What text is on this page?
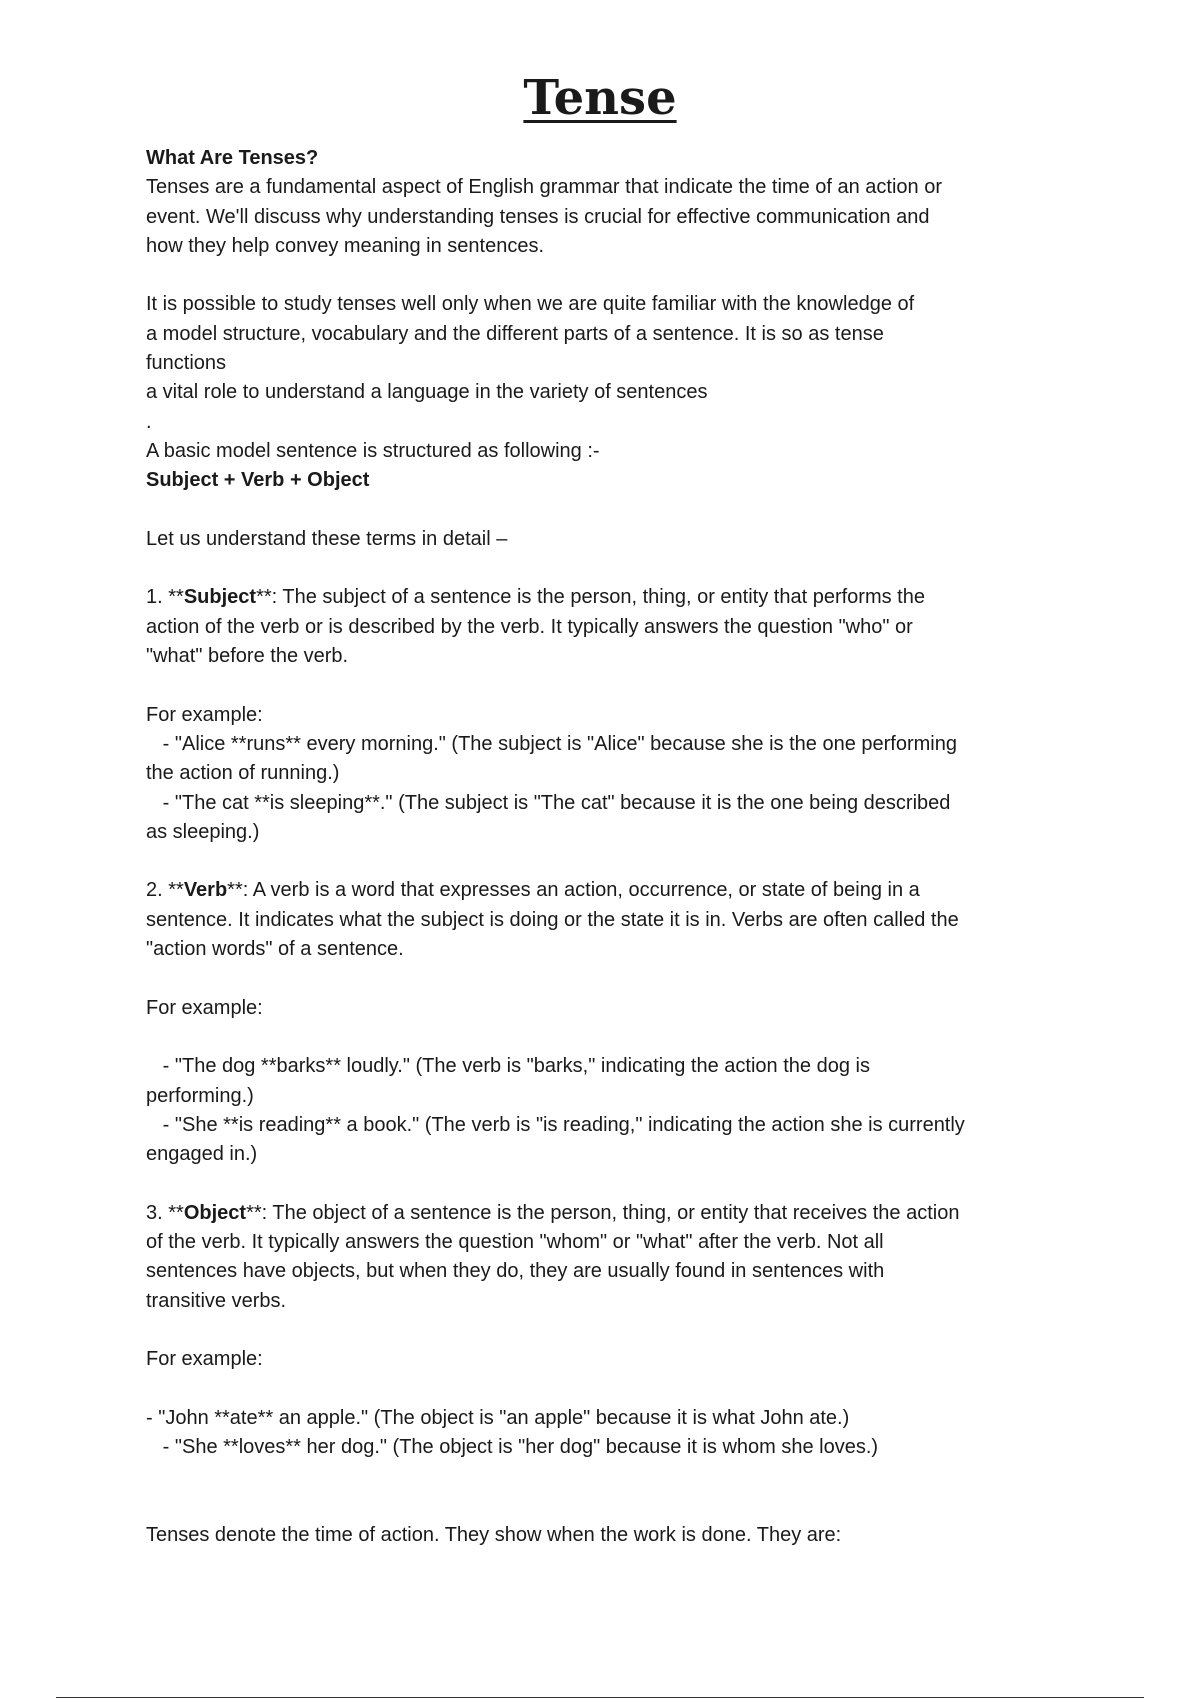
Tense

What Are Tenses?

Tenses are a fundamental aspect of English grammar that indicate the time of an action or

event. We'll discuss why understanding tenses is crucial for effective communication and

how they help convey meaning in sentences.

It is possible to study tenses well only when we are quite familiar with the knowledge of

a model structure, vocabulary and the different parts of a sentence. It is so as tense

functions

a vital role to understand a language in the variety of sentences

.

A basic model sentence is structured as following :-

Subject + Verb + Object

Let us understand these terms in detail –

1. **Subject**: The subject of a sentence is the person, thing, or entity that performs the

action of the verb or is described by the verb. It typically answers the question "who" or

"what" before the verb.

For example:

- "Alice **runs** every morning." (The subject is "Alice" because she is the one performing

the action of running.)

- "The cat **is sleeping**." (The subject is "The cat" because it is the one being described

as sleeping.)

2. **Verb**: A verb is a word that expresses an action, occurrence, or state of being in a

sentence. It indicates what the subject is doing or the state it is in. Verbs are often called the

"action words" of a sentence.

For example:

- "The dog **barks** loudly." (The verb is "barks," indicating the action the dog is

performing.)

- "She **is reading** a book." (The verb is "is reading," indicating the action she is currently

engaged in.)

3. **Object**: The object of a sentence is the person, thing, or entity that receives the action

of the verb. It typically answers the question "whom" or "what" after the verb. Not all

sentences have objects, but when they do, they are usually found in sentences with

transitive verbs.

For example:

- "John **ate** an apple." (The object is "an apple" because it is what John ate.)

- "She **loves** her dog." (The object is "her dog" because it is whom she loves.)

Tenses denote the time of action. They show when the work is done. They are:
